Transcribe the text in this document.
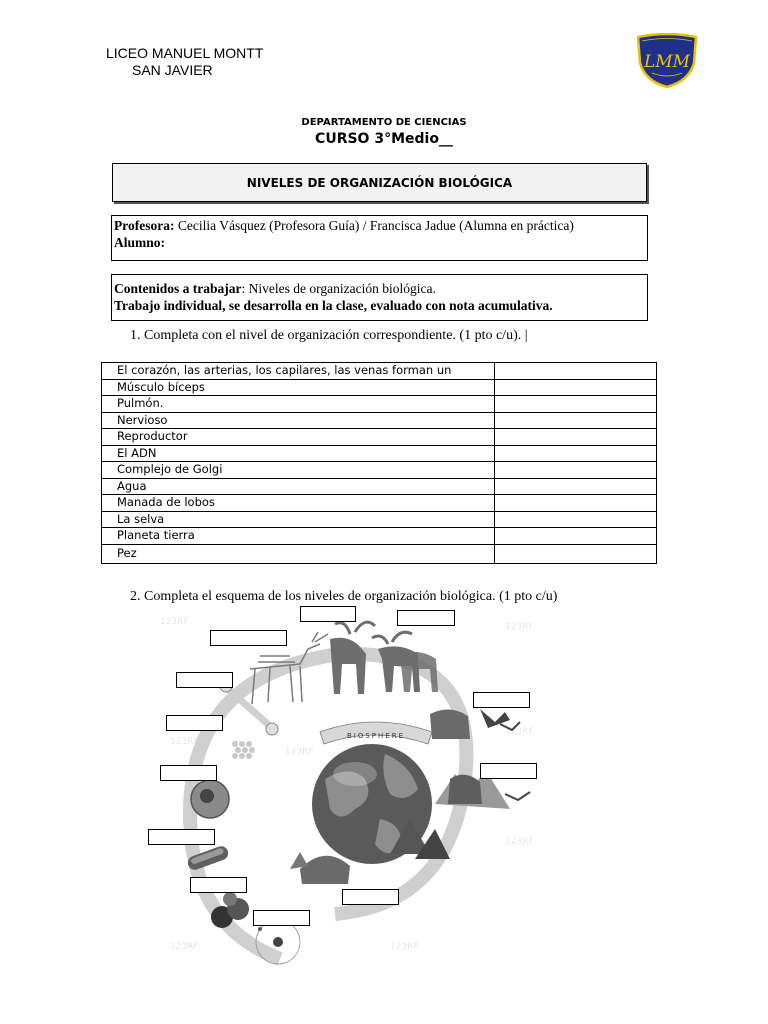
LICEO MANUEL MONTT
SAN JAVIER	LMM
DEPARTAMENTO DE CIENCIAS
CURSO 3°Medio__
NIVELES DE ORGANIZACIÓN BIOLÓGICA
Profesora: Cecilia Vásquez (Profesora Guía) / Francisca Jadue (Alumna en práctica)
Alumno:
Contenidos a trabajar: Niveles de organización biológica.
Trabajo individual, se desarrolla en la clase, evaluado con nota acumulativa.
1. Completa con el nivel de organización correspondiente. (1 pto c/u). |
El corazón, las arterias, los capilares, las venas forman un	
Músculo bíceps	
Pulmón.	
Nervioso	
Reproductor	
El ADN	
Complejo de Golgi	
Agua	
Manada de lobos	
La selva	
Planeta tierra	
Pez	
2. Completa el esquema de los niveles de organización biológica. (1 pto c/u)
123RF	123RF
123RF
123RF
123RF
123RF
123RF	123RF
BIOSPHERE
